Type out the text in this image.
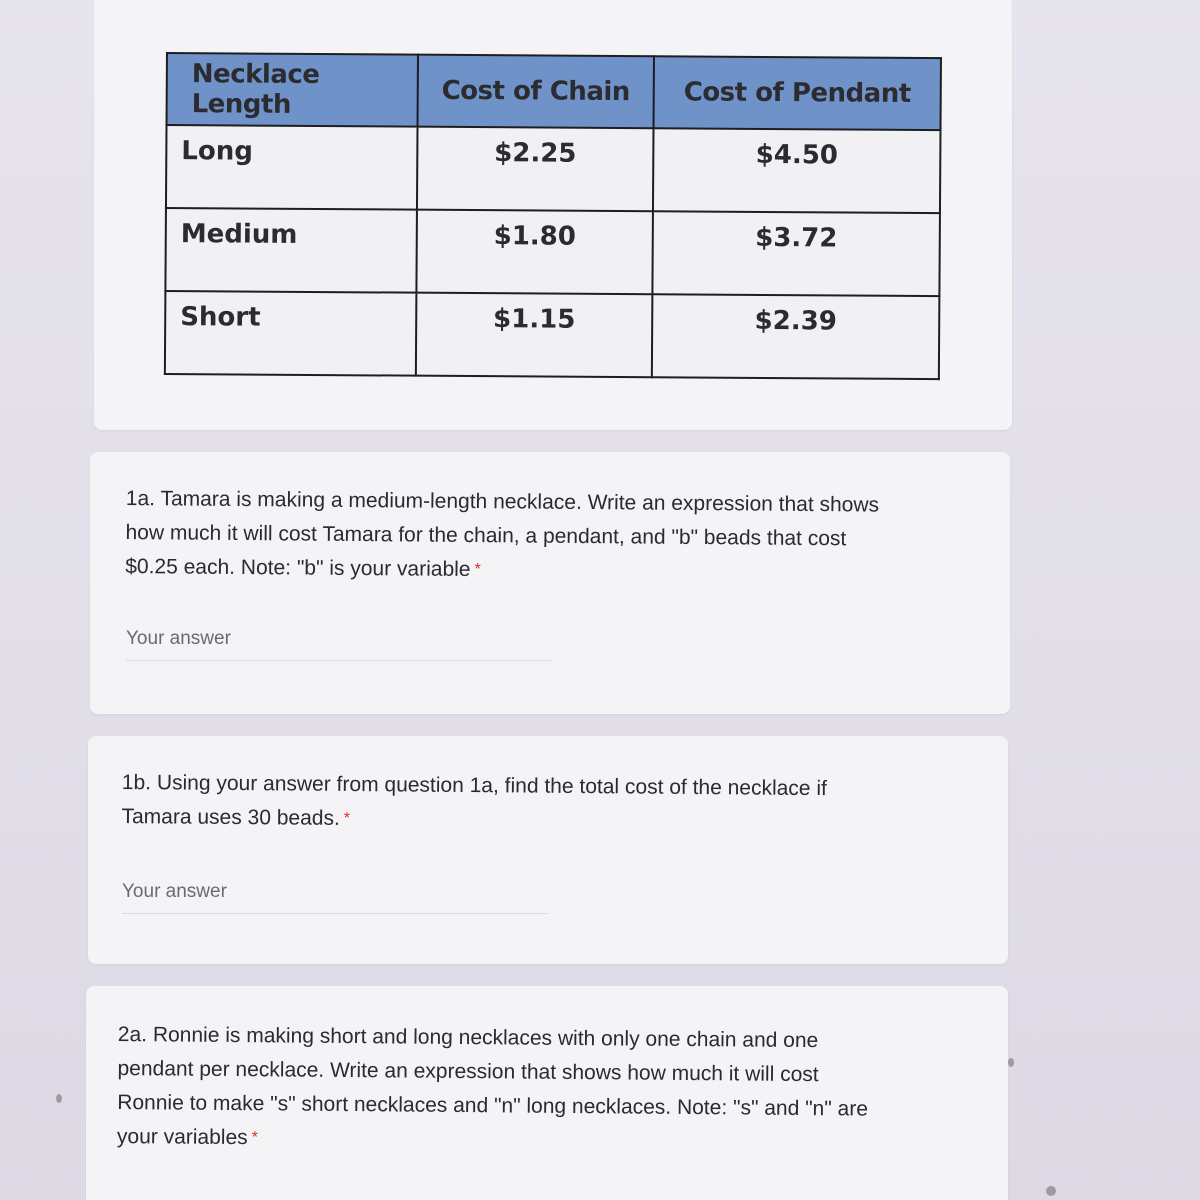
Necklace Length	Cost of Chain	Cost of Pendant
Long	$2.25	$4.50
Medium	$1.80	$3.72
Short	$1.15	$2.39
1a. Tamara is making a medium-length necklace. Write an expression that shows
how much it will cost Tamara for the chain, a pendant, and "b" beads that cost
$0.25 each. Note: "b" is your variable *
Your answer
1b. Using your answer from question 1a, find the total cost of the necklace if
Tamara uses 30 beads. *
Your answer
2a. Ronnie is making short and long necklaces with only one chain and one
pendant per necklace. Write an expression that shows how much it will cost
Ronnie to make "s" short necklaces and "n" long necklaces. Note: "s" and "n" are
your variables *
